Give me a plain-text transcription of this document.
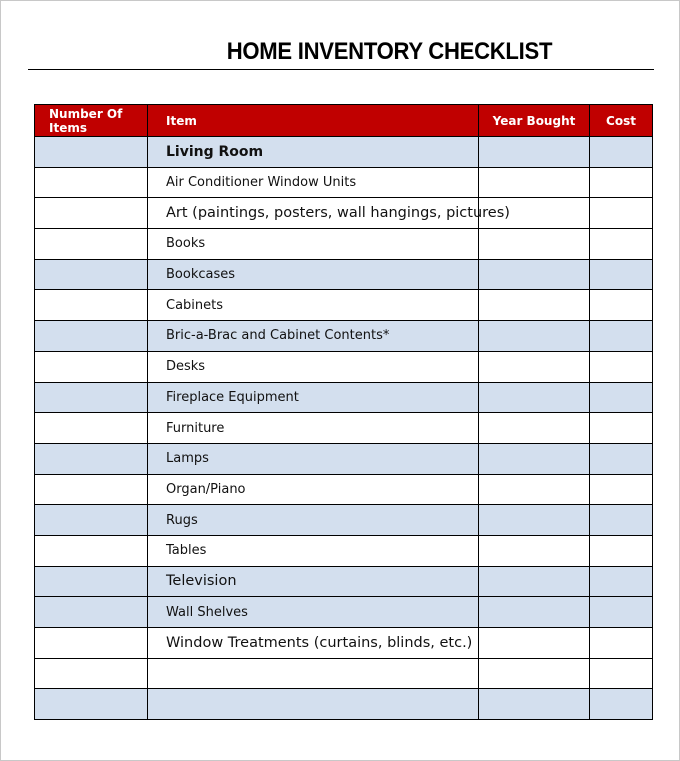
HOME INVENTORY CHECKLIST
Number Of
Items	Item	Year Bought	Cost
	Living Room		
	Air Conditioner Window Units		
	Art (paintings, posters, wall hangings, pictures)		
	Books		
	Bookcases		
	Cabinets		
	Bric-a-Brac and Cabinet Contents*		
	Desks		
	Fireplace Equipment		
	Furniture		
	Lamps		
	Organ/Piano		
	Rugs		
	Tables		
	Television		
	Wall Shelves		
	Window Treatments (curtains, blinds, etc.)		
